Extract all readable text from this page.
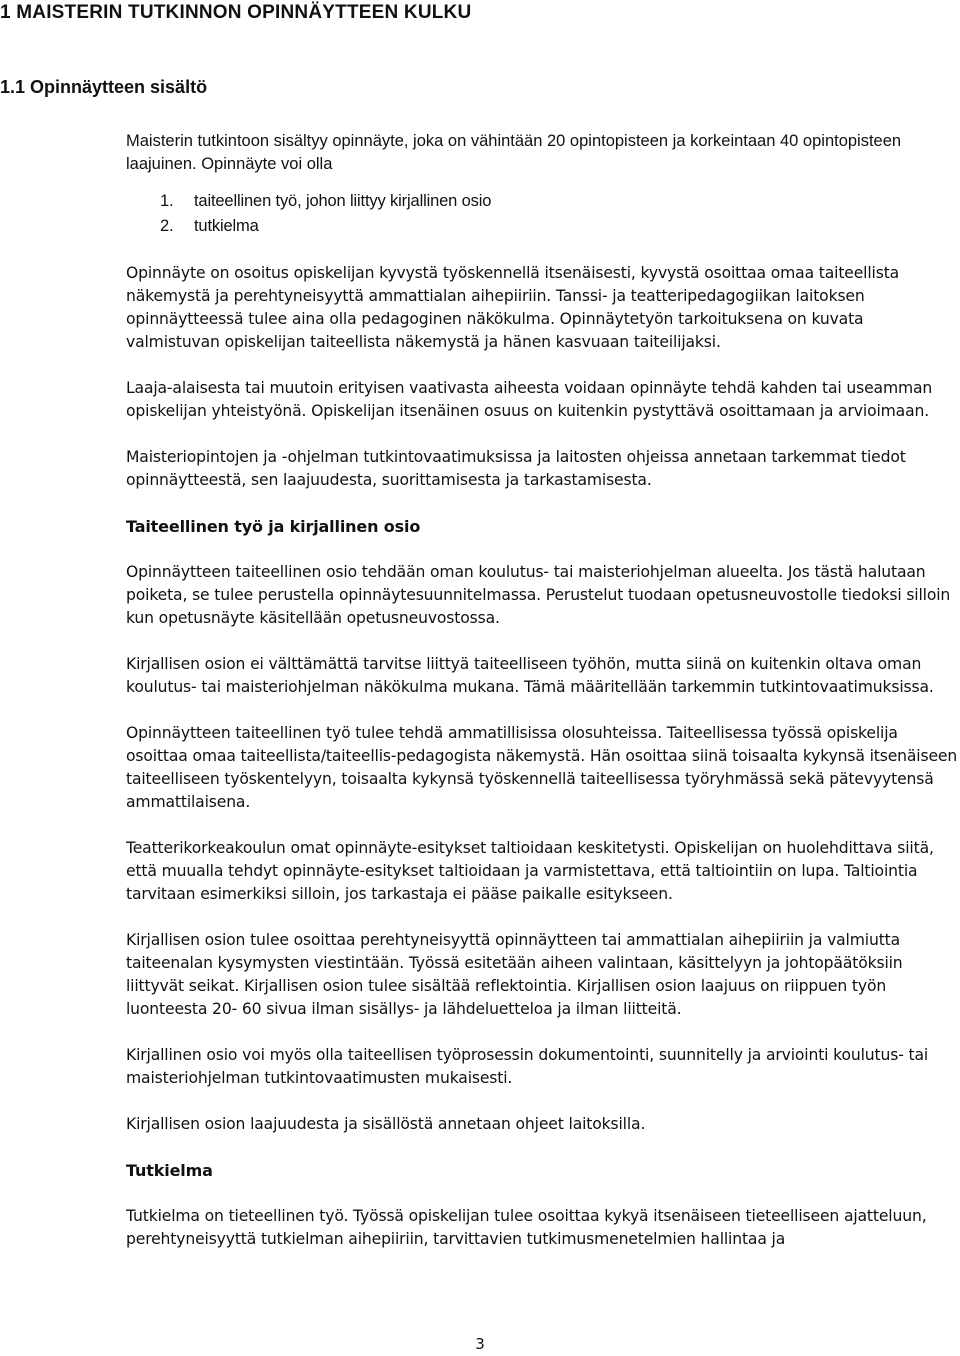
1 MAISTERIN TUTKINNON OPINNÄYTTEEN KULKU
1.1 Opinnäytteen sisältö

Maisterin tutkintoon sisältyy opinnäyte, joka on vähintään 20 opintopisteen ja korkeintaan 40 opintopisteen laajuinen. Opinnäyte voi olla

1. taiteellinen työ, johon liittyy kirjallinen osio
2. tutkielma

Opinnäyte on osoitus opiskelijan kyvystä työskennellä itsenäisesti, kyvystä osoittaa omaa taiteellista näkemystä ja perehtyneisyyttä ammattialan aihepiiriin. Tanssi- ja teatteripedagogiikan laitoksen opinnäytteessä tulee aina olla pedagoginen näkökulma. Opinnäytetyön tarkoituksena on kuvata valmistuvan opiskelijan taiteellista näkemystä ja hänen kasvuaan taiteilijaksi.

Laaja-alaisesta tai muutoin erityisen vaativasta aiheesta voidaan opinnäyte tehdä kahden tai useamman opiskelijan yhteistyönä. Opiskelijan itsenäinen osuus on kuitenkin pystyttävä osoittamaan ja arvioimaan.

Maisteriopintojen ja -ohjelman tutkintovaatimuksissa ja laitosten ohjeissa annetaan tarkemmat tiedot opinnäytteestä, sen laajuudesta, suorittamisesta ja tarkastamisesta.

Taiteellinen työ ja kirjallinen osio

Opinnäytteen taiteellinen osio tehdään oman koulutus- tai maisteriohjelman alueelta. Jos tästä halutaan poiketa, se tulee perustella opinnäytesuunnitelmassa. Perustelut tuodaan opetusneuvostolle tiedoksi silloin kun opetusnäyte käsitellään opetusneuvostossa.

Kirjallisen osion ei välttämättä tarvitse liittyä taiteelliseen työhön, mutta siinä on kuitenkin oltava oman koulutus- tai maisteriohjelman näkökulma mukana. Tämä määritellään tarkemmin tutkintovaatimuksissa.

Opinnäytteen taiteellinen työ tulee tehdä ammatillisissa olosuhteissa. Taiteellisessa työssä opiskelija osoittaa omaa taiteellista/taiteellis-pedagogista näkemystä. Hän osoittaa siinä toisaalta kykynsä itsenäiseen taiteelliseen työskentelyyn, toisaalta kykynsä työskennellä taiteellisessa työryhmässä sekä pätevyytensä ammattilaisena.

Teatterikorkeakoulun omat opinnäyte-esitykset taltioidaan keskitetysti. Opiskelijan on huolehdittava siitä, että muualla tehdyt opinnäyte-esitykset taltioidaan ja varmistettava, että taltiointiin on lupa. Taltiointia tarvitaan esimerkiksi silloin, jos tarkastaja ei pääse paikalle esitykseen.

Kirjallisen osion tulee osoittaa perehtyneisyyttä opinnäytteen tai ammattialan aihepiiriin ja valmiutta taiteenalan kysymysten viestintään. Työssä esitetään aiheen valintaan, käsittelyyn ja johtopäätöksiin liittyvät seikat. Kirjallisen osion tulee sisältää reflektointia. Kirjallisen osion laajuus on riippuen työn luonteesta 20- 60 sivua ilman sisällys- ja lähdeluetteloa ja ilman liitteitä.

Kirjallinen osio voi myös olla taiteellisen työprosessin dokumentointi, suunnitelly ja arviointi koulutus- tai maisteriohjelman tutkintovaatimusten mukaisesti.

Kirjallisen osion laajuudesta ja sisällöstä annetaan ohjeet laitoksilla.

Tutkielma

Tutkielma on tieteellinen työ. Työssä opiskelijan tulee osoittaa kykyä itsenäiseen tieteelliseen ajatteluun, perehtyneisyyttä tutkielman aihepiiriin, tarvittavien tutkimusmenetelmien hallintaa ja

3
